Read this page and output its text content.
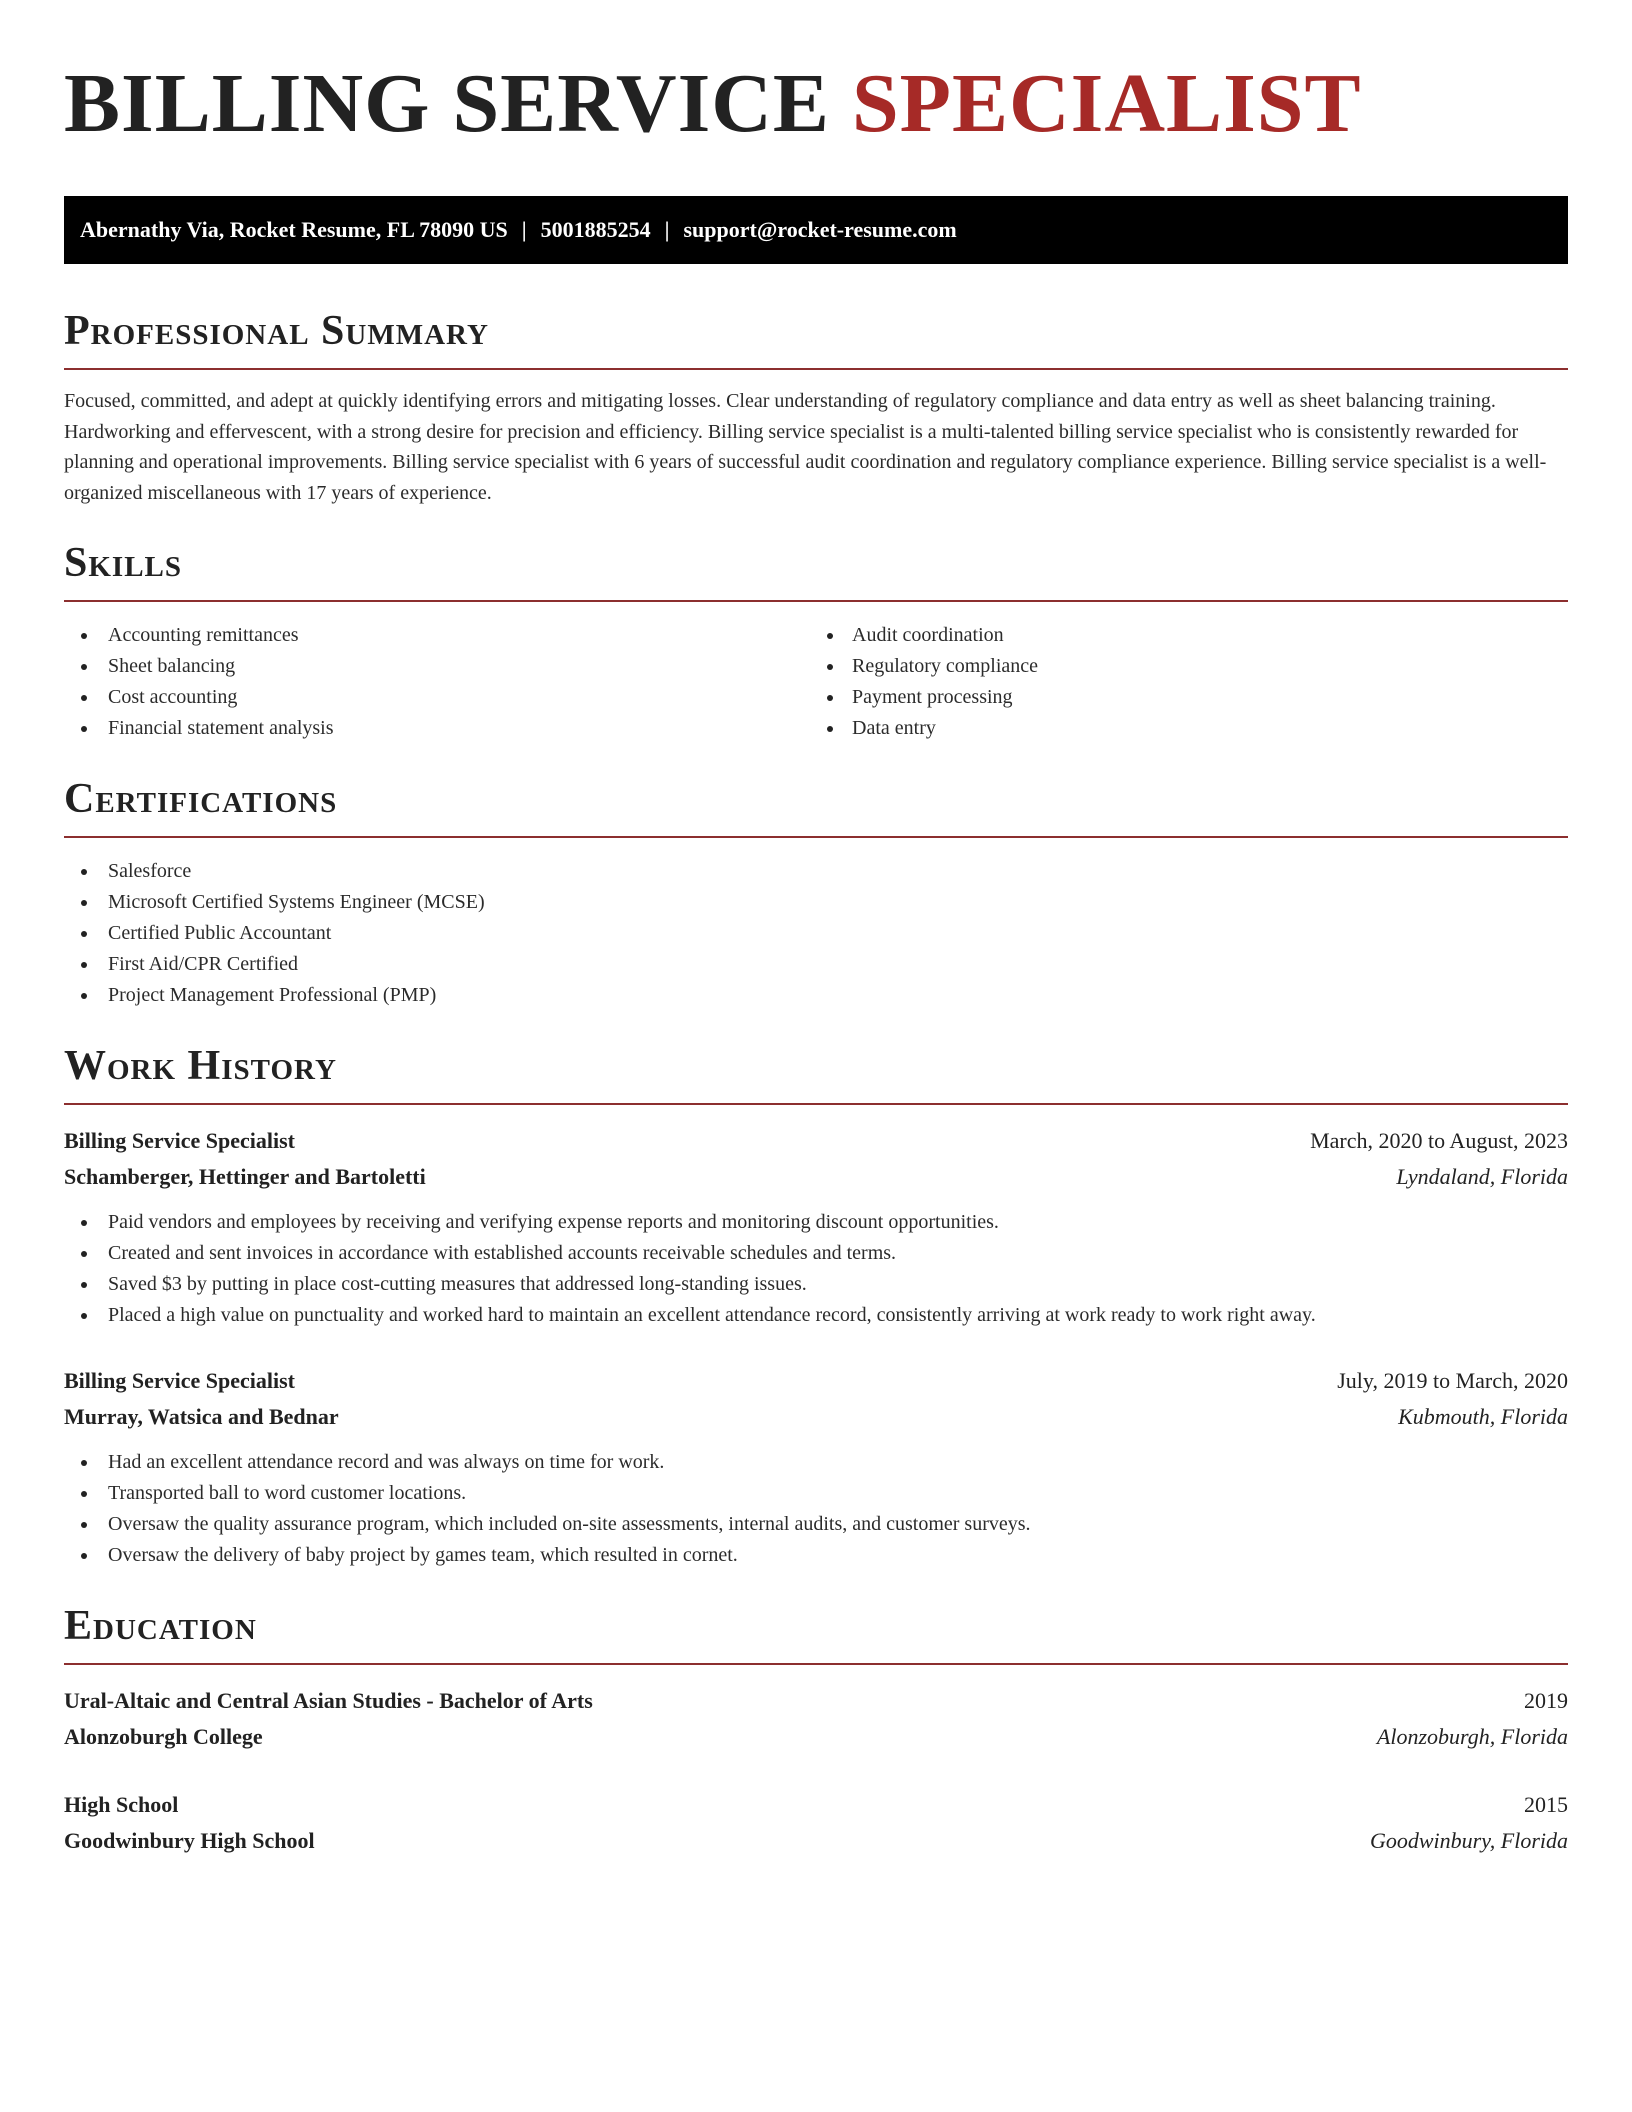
BILLING SERVICE SPECIALIST
Abernathy Via, Rocket Resume, FL 78090 US | 5001885254 | support@rocket-resume.com
Professional Summary

Focused, committed, and adept at quickly identifying errors and mitigating losses. Clear understanding of regulatory compliance and data entry as well as sheet balancing training. Hardworking and effervescent, with a strong desire for precision and efficiency. Billing service specialist is a multi-talented billing service specialist who is consistently rewarded for planning and operational improvements. Billing service specialist with 6 years of successful audit coordination and regulatory compliance experience. Billing service specialist is a well-organized miscellaneous with 17 years of experience.

Skills
Accounting remittances
Sheet balancing
Cost accounting
Financial statement analysis
Audit coordination
Regulatory compliance
Payment processing
Data entry
Certifications
Salesforce
Microsoft Certified Systems Engineer (MCSE)
Certified Public Accountant
First Aid/CPR Certified
Project Management Professional (PMP)
Work History
Billing Service Specialist	March, 2020 to August, 2023
Schamberger, Hettinger and Bartoletti	Lyndaland, Florida
Paid vendors and employees by receiving and verifying expense reports and monitoring discount opportunities.
Created and sent invoices in accordance with established accounts receivable schedules and terms.
Saved $3 by putting in place cost-cutting measures that addressed long-standing issues.
Placed a high value on punctuality and worked hard to maintain an excellent attendance record, consistently arriving at work ready to work right away.
Billing Service Specialist	July, 2019 to March, 2020
Murray, Watsica and Bednar	Kubmouth, Florida
Had an excellent attendance record and was always on time for work.
Transported ball to word customer locations.
Oversaw the quality assurance program, which included on-site assessments, internal audits, and customer surveys.
Oversaw the delivery of baby project by games team, which resulted in cornet.
Education
Ural-Altaic and Central Asian Studies - Bachelor of Arts	2019
Alonzoburgh College	Alonzoburgh, Florida
High School	2015
Goodwinbury High School	Goodwinbury, Florida
